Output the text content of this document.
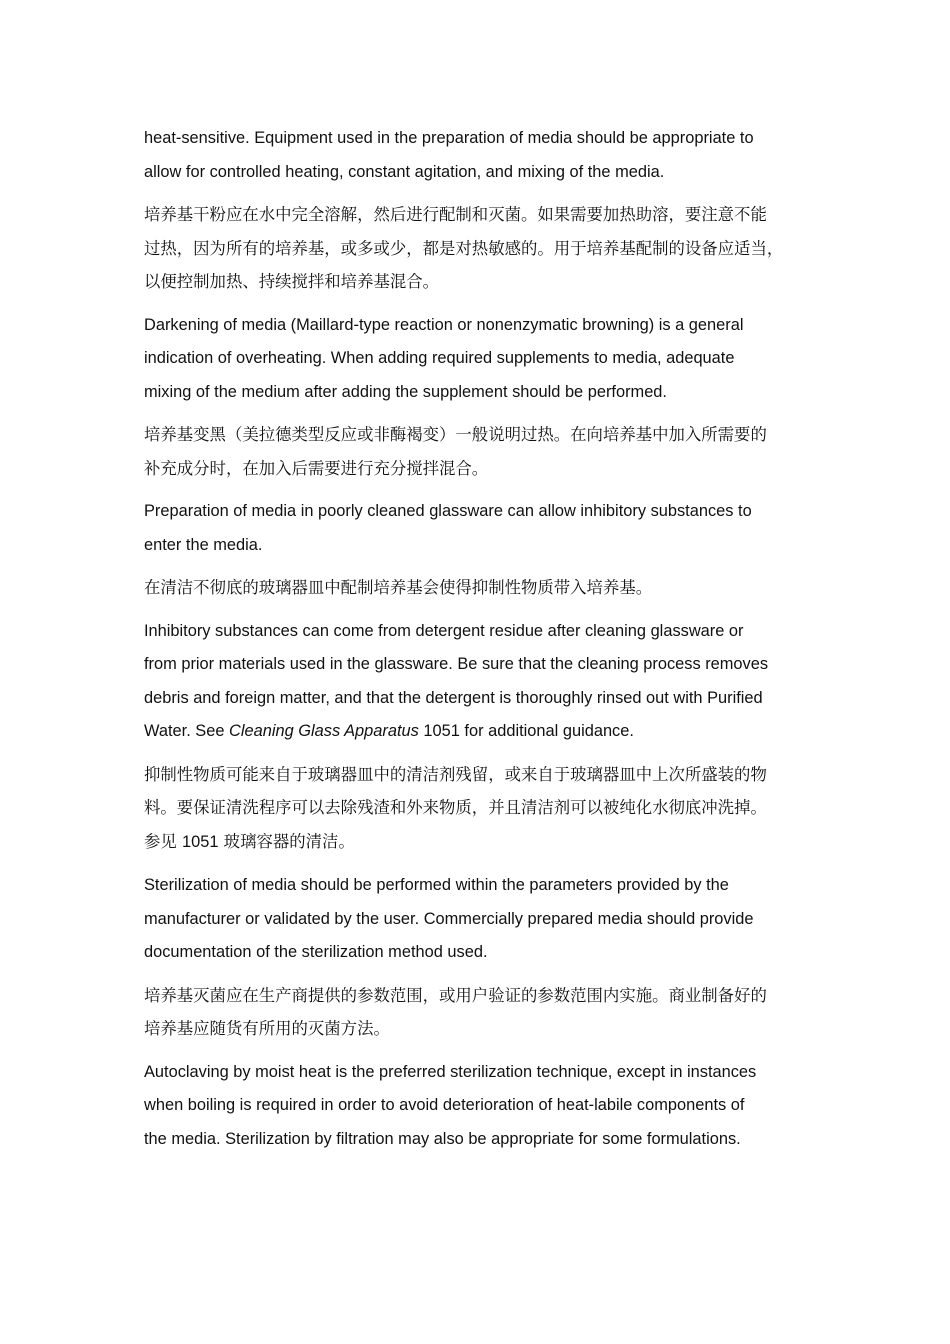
heat-sensitive. Equipment used in the preparation of media should be appropriate to
allow for controlled heating, constant agitation, and mixing of the media.

培养基干粉应在水中完全溶解，然后进行配制和灭菌。如果需要加热助溶，要注意不能
过热，因为所有的培养基，或多或少，都是对热敏感的。用于培养基配制的设备应适当，
以便控制加热、持续搅拌和培养基混合。

Darkening of media (Maillard-type reaction or nonenzymatic browning) is a general
indication of overheating. When adding required supplements to media, adequate
mixing of the medium after adding the supplement should be performed.

培养基变黑（美拉德类型反应或非酶褐变）一般说明过热。在向培养基中加入所需要的
补充成分时，在加入后需要进行充分搅拌混合。

Preparation of media in poorly cleaned glassware can allow inhibitory substances to
enter the media.

在清洁不彻底的玻璃器皿中配制培养基会使得抑制性物质带入培养基。

Inhibitory substances can come from detergent residue after cleaning glassware or
from prior materials used in the glassware. Be sure that the cleaning process removes
debris and foreign matter, and that the detergent is thoroughly rinsed out with Purified
Water. See Cleaning Glass Apparatus 1051 for additional guidance.

抑制性物质可能来自于玻璃器皿中的清洁剂残留，或来自于玻璃器皿中上次所盛装的物
料。要保证清洗程序可以去除残渣和外来物质，并且清洁剂可以被纯化水彻底冲洗掉。
参见 1051 玻璃容器的清洁。

Sterilization of media should be performed within the parameters provided by the
manufacturer or validated by the user. Commercially prepared media should provide
documentation of the sterilization method used.

培养基灭菌应在生产商提供的参数范围，或用户验证的参数范围内实施。商业制备好的
培养基应随货有所用的灭菌方法。

Autoclaving by moist heat is the preferred sterilization technique, except in instances
when boiling is required in order to avoid deterioration of heat-labile components of
the media. Sterilization by filtration may also be appropriate for some formulations.
